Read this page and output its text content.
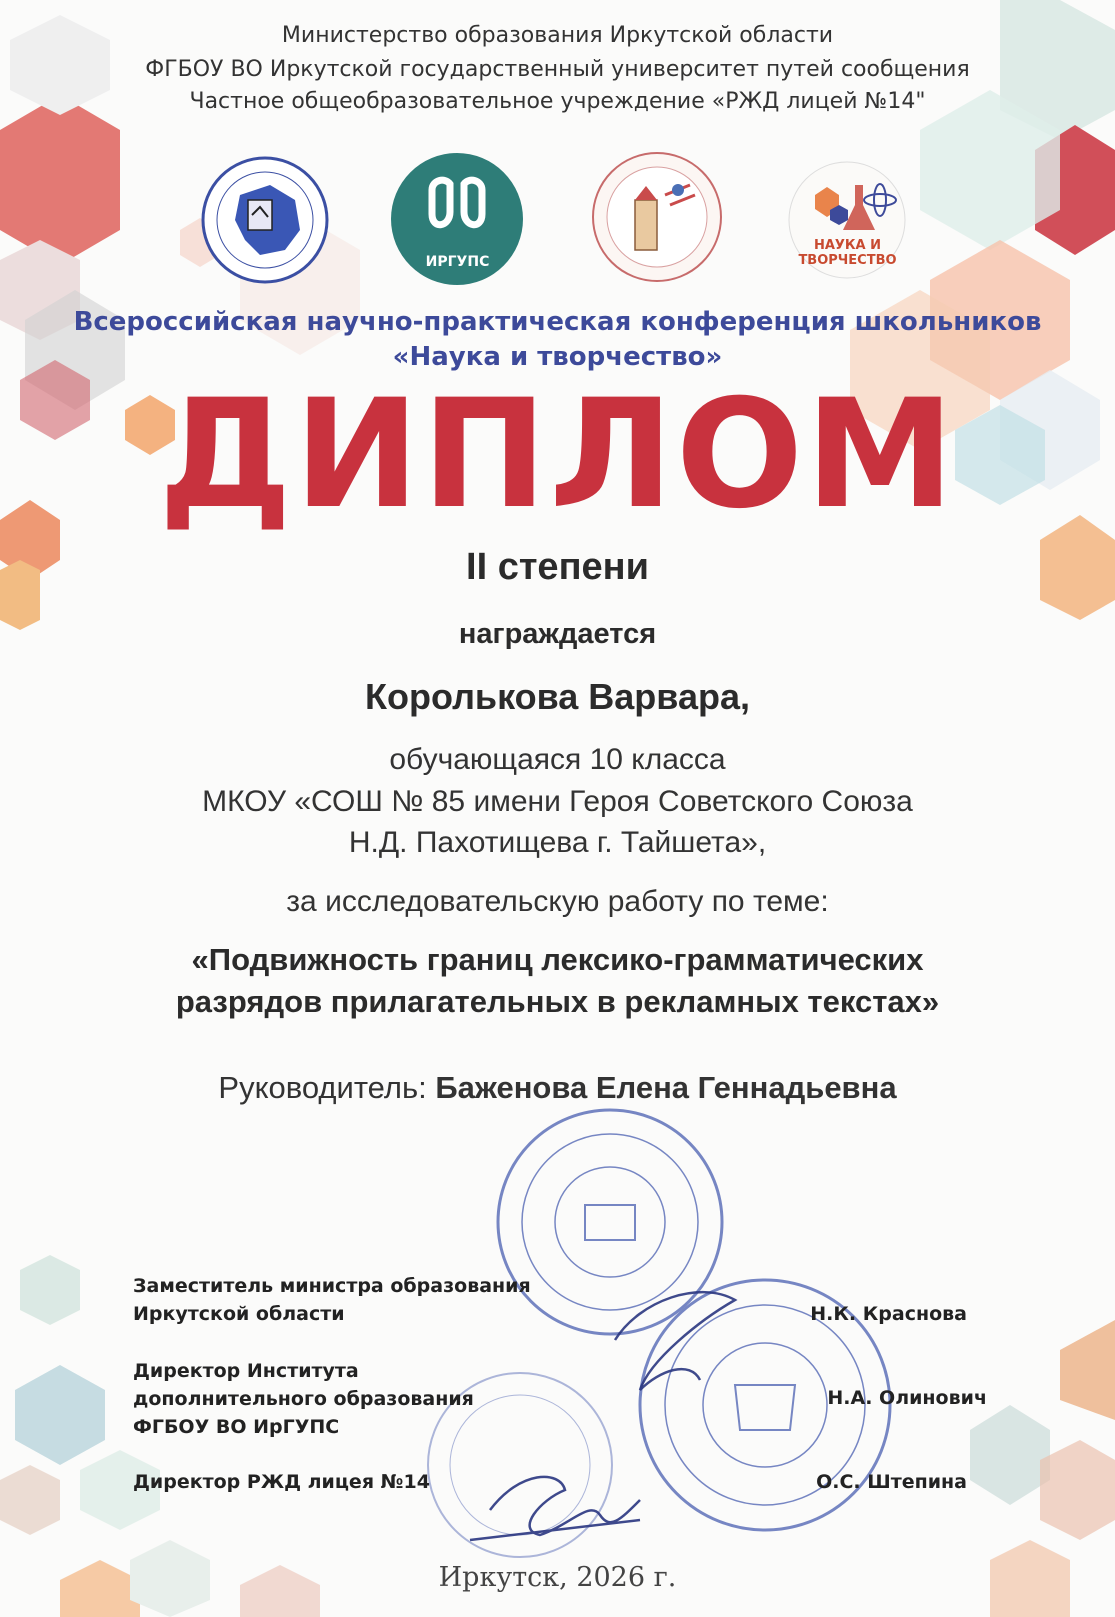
Министерство образования Иркутской области
ФГБОУ ВО Иркутской государственный университет путей сообщения
Частное общеобразовательное учреждение «РЖД лицей №14"
ИРГУПС
НАУКА И
ТВОРЧЕСТВО
Всероссийская научно-практическая конференция школьников
«Наука и творчество»
ДИПЛОМ
II степени
награждается
Королькова Варвара,
обучающаяся 10 класса
МКОУ «СОШ № 85 имени Героя Советского Союза
Н.Д. Пахотищева г. Тайшета»,
за исследовательскую работу по теме:
«Подвижность границ лексико-грамматических
разрядов прилагательных в рекламных текстах»
Руководитель: Баженова Елена Геннадьевна
Заместитель министра образования
Иркутской области	Н.К. Краснова
Директор Института
дополнительного образования
ФГБОУ ВО ИрГУПС
Н.А. Олинович
Директор РЖД лицея №14	О.С. Штепина
Иркутск, 2026 г.
